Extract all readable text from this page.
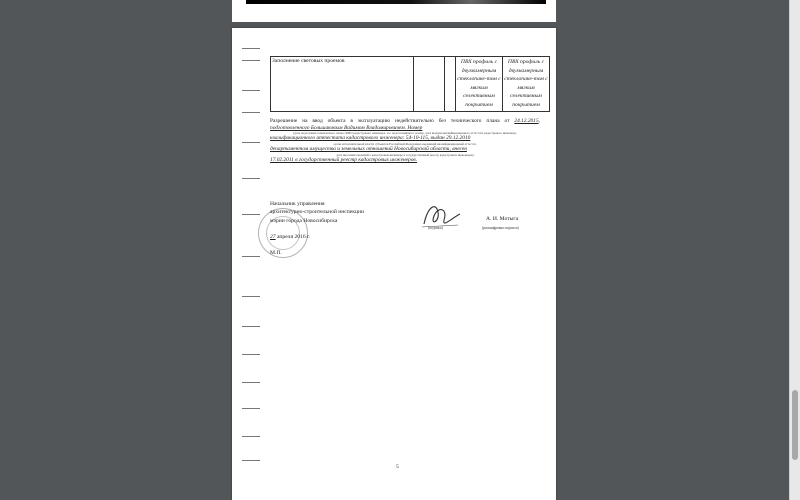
Заполнение световых проемов			ПВХ профиль с двухкамерным стеклопаке-том с мягким селективным покрытием	ПВХ профиль с двухкамерным стеклопаке-том с мягким селективным покрытием
Разрешение на ввод объекта в эксплуатацию недействительно без технического плана от 24.12.2015, подготовленного Большаковым Вадимом Владимировичем. Номер
(дата подготовки технического плана; ФИО кадастрового инженера, его подготовившего; номер, дата выдачи квалификационного аттестата кадастрового инженера,
квалификационного аттестата кадастрового инженера: 54-10-115, выдан 29.12.2010
орган исполнительной власти субъектов Российской Федерации, выдавший квалификационный аттестат,
департаментом имущества и земельных отношений Новосибирской области, внесен
дата внесения сведений о кадастровом инженере в государственный реестр кадастровых инженеров)
17.02.2011 в государственный реестр кадастровых инженеров.
Начальник управления
архитектурно-строительной инспекции
мэрии города Новосибирска
(подпись)
А. И. Мотыга
(расшифровка подписи)
27 апреля 2016 г.
М.П.
5
